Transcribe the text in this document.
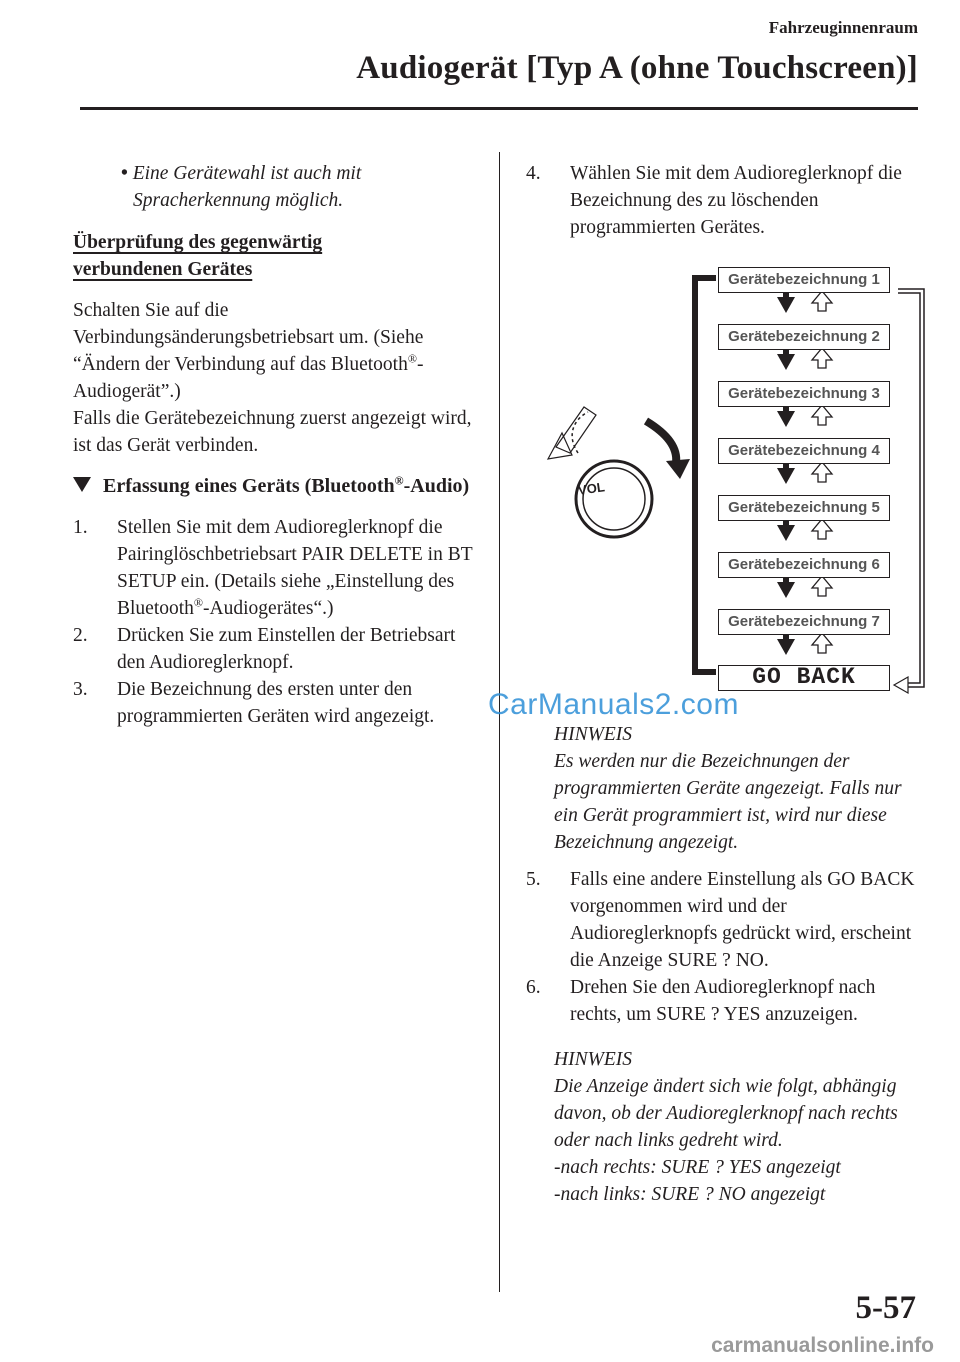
Fahrzeuginnenraum
Audiogerät [Typ A (ohne Touchscreen)]
• Eine Gerätewahl ist auch mit Spracherkennung möglich.
Überprüfung des gegenwärtig
verbundenen Gerätes

Schalten Sie auf die Verbindungsänderungsbetriebsart um. (Siehe “Ändern der Verbindung auf das Bluetooth®-Audiogerät”.)
Falls die Gerätebezeichnung zuerst angezeigt wird, ist das Gerät verbinden.

Erfassung eines Geräts (Bluetooth®-Audio)
1. Stellen Sie mit dem Audioreglerknopf die Pairinglöschbetriebsart PAIR DELETE in BT SETUP ein. (Details siehe „Einstellung des Bluetooth®-Audiogerätes“.)
2. Drücken Sie zum Einstellen der Betriebsart den Audioreglerknopf.
3. Die Bezeichnung des ersten unter den programmierten Geräten wird angezeigt.
4. Wählen Sie mit dem Audioreglerknopf die Bezeichnung des zu löschenden programmierten Gerätes.
Gerätebezeichnung 1
Gerätebezeichnung 2
Gerätebezeichnung 3
Gerätebezeichnung 4
Gerätebezeichnung 5
Gerätebezeichnung 6
Gerätebezeichnung 7
GO BACK
VOL
HINWEIS
Es werden nur die Bezeichnungen der programmierten Geräte angezeigt. Falls nur ein Gerät programmiert ist, wird nur diese Bezeichnung angezeigt.
5. Falls eine andere Einstellung als GO BACK vorgenommen wird und der Audioreglerknopfs gedrückt wird, erscheint die Anzeige SURE ? NO.
6. Drehen Sie den Audioreglerknopf nach rechts, um SURE ? YES anzuzeigen.
HINWEIS
Die Anzeige ändert sich wie folgt, abhängig davon, ob der Audioreglerknopf nach rechts oder nach links gedreht wird.
-nach rechts: SURE ? YES angezeigt
-nach links: SURE ? NO angezeigt
CarManuals2.com
5-57
carmanualsonline.info
